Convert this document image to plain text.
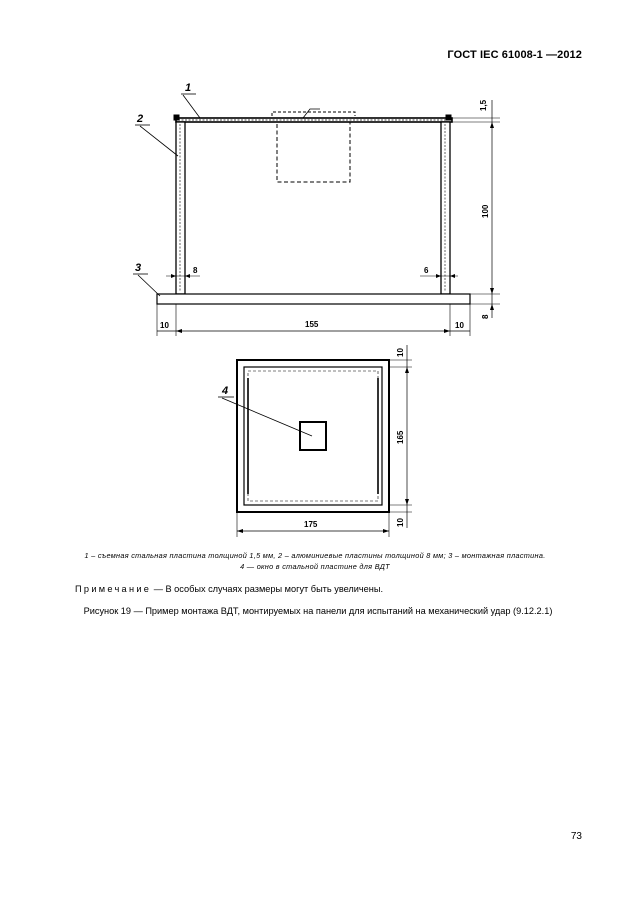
ГОСТ IEC 61008-1 —2012
1
2
3
4
1,5
100
8
8	6
10	155	10
10
165
10
175
1 – съемная стальная пластина толщиной 1,5 мм, 2 – алюминиевые пластины толщиной 8 мм; 3 – монтажная пластина.
4 — окно в стальной пластине для ВДТ
Примечание — В особых случаях размеры могут быть увеличены.
Рисунок 19 — Пример монтажа ВДТ, монтируемых на панели для испытаний на механический удар (9.12.2.1)
73
